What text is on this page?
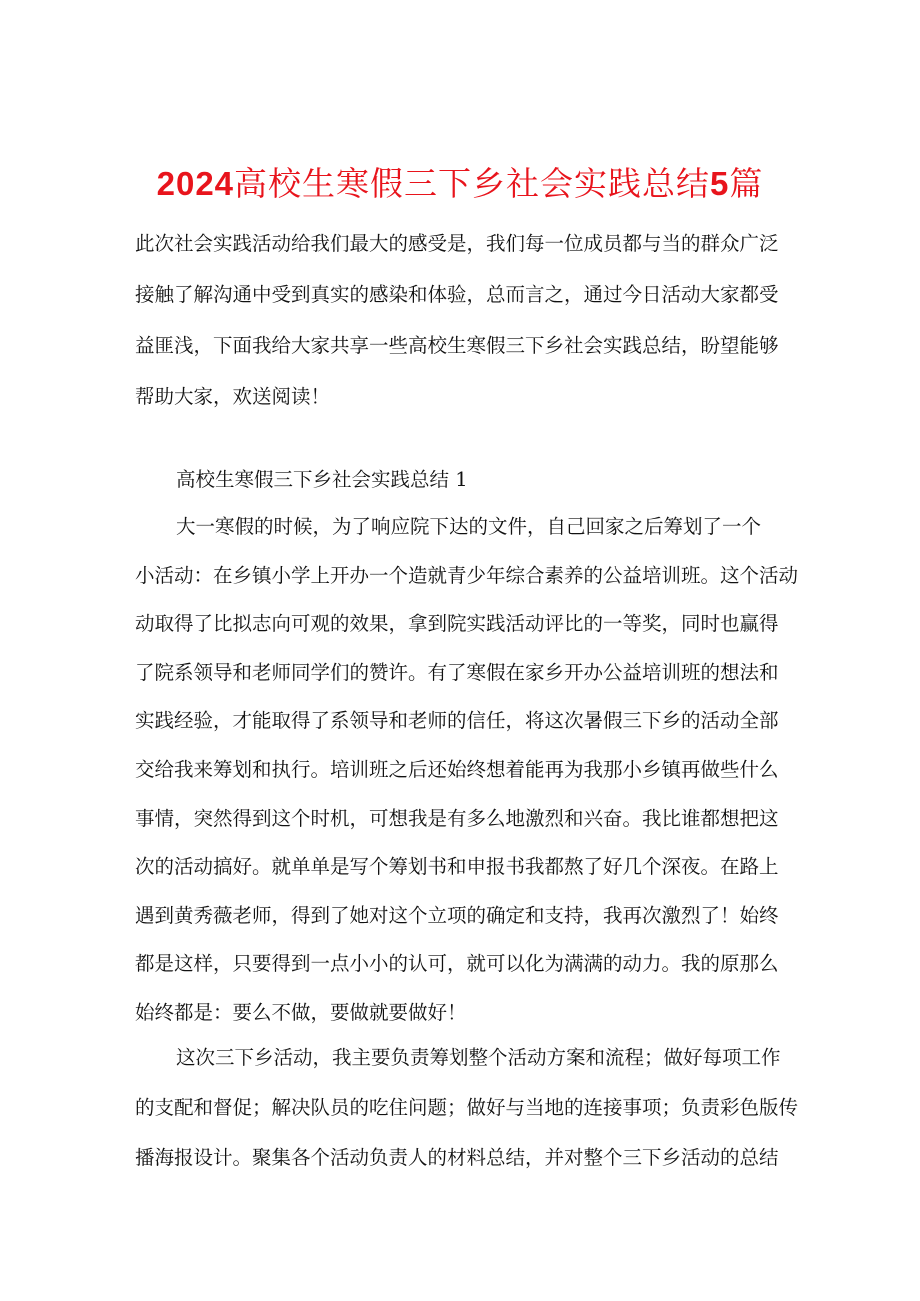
2024高校生寒假三下乡社会实践总结5篇
此次社会实践活动给我们最大的感受是，我们每一位成员都与当的群众广泛
接触了解沟通中受到真实的感染和体验，总而言之，通过今日活动大家都受
益匪浅，下面我给大家共享一些高校生寒假三下乡社会实践总结，盼望能够
帮助大家，欢送阅读！
高校生寒假三下乡社会实践总结 1
大一寒假的时候，为了响应院下达的文件，自己回家之后筹划了一个
小活动：在乡镇小学上开办一个造就青少年综合素养的公益培训班。这个活动
动取得了比拟志向可观的效果，拿到院实践活动评比的一等奖，同时也赢得
了院系领导和老师同学们的赞许。有了寒假在家乡开办公益培训班的想法和
实践经验，才能取得了系领导和老师的信任，将这次暑假三下乡的活动全部
交给我来筹划和执行。培训班之后还始终想着能再为我那小乡镇再做些什么
事情，突然得到这个时机，可想我是有多么地激烈和兴奋。我比谁都想把这
次的活动搞好。就单单是写个筹划书和申报书我都熬了好几个深夜。在路上
遇到黄秀薇老师，得到了她对这个立项的确定和支持，我再次激烈了！始终
都是这样，只要得到一点小小的认可，就可以化为满满的动力。我的原那么
始终都是：要么不做，要做就要做好！
这次三下乡活动，我主要负责筹划整个活动方案和流程；做好每项工作
的支配和督促；解决队员的吃住问题；做好与当地的连接事项；负责彩色版传
播海报设计。聚集各个活动负责人的材料总结，并对整个三下乡活动的总结
